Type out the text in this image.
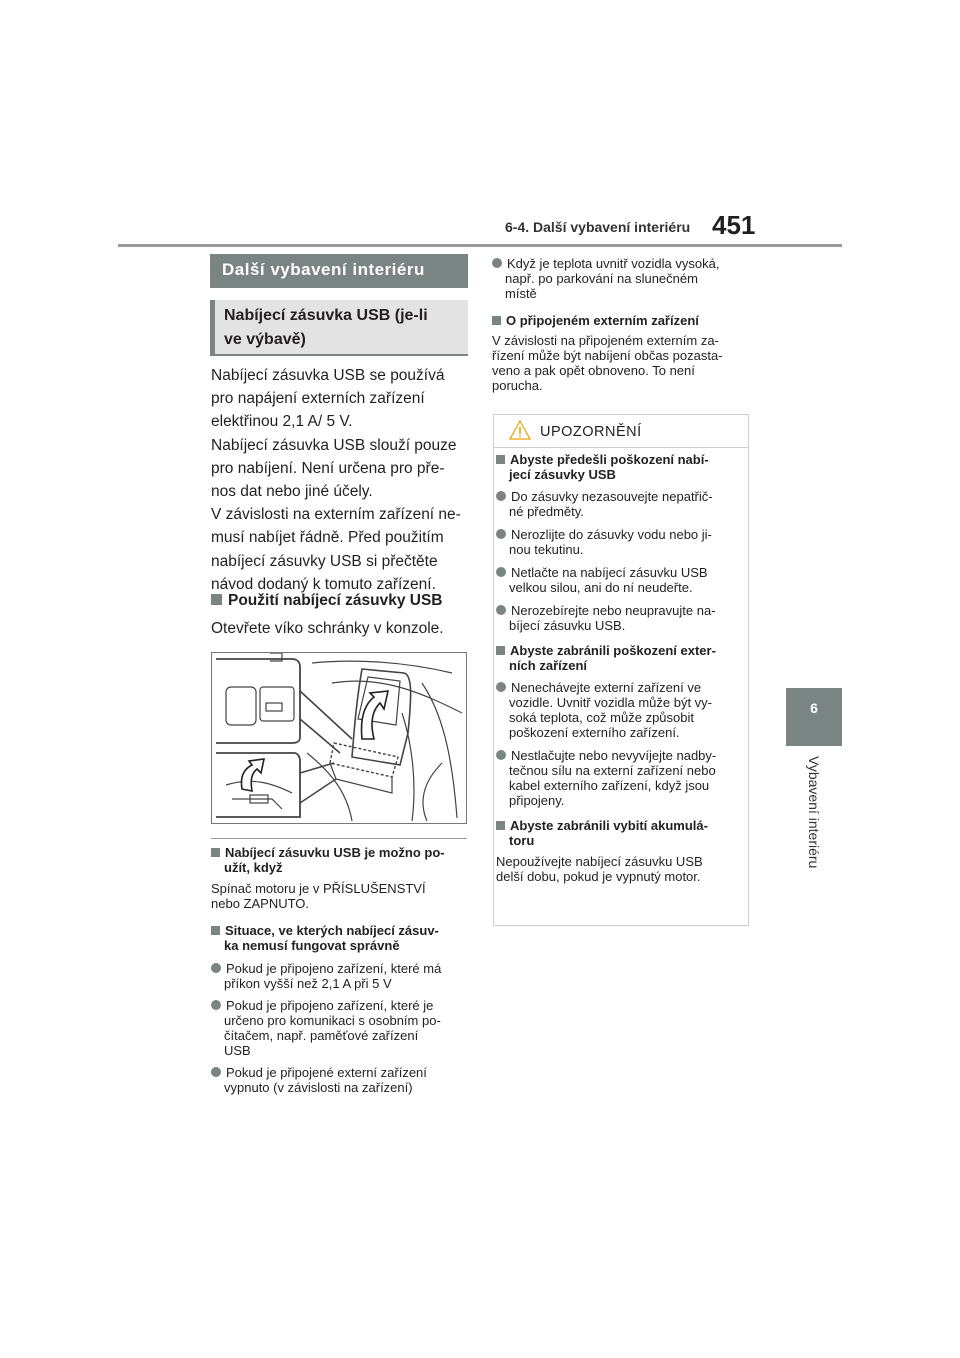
6-4. Další vybavení interiéru 451
6
Vybavení interiéru
Další vybavení interiéru
Nabíjecí zásuvka USB (je-li
ve výbavě)
Nabíjecí zásuvka USB se používá
pro napájení externích zařízení
elektřinou 2,1 A/ 5 V.
Nabíjecí zásuvka USB slouží pouze
pro nabíjení. Není určena pro pře-
nos dat nebo jiné účely.
V závislosti na externím zařízení ne-
musí nabíjet řádně. Před použitím
nabíjecí zásuvky USB si přečtěte
návod dodaný k tomuto zařízení.
Použití nabíjecí zásuvky USB
Otevřete víko schránky v konzole.
Nabíjecí zásuvku USB je možno po-
užít, když
Spínač motoru je v PŘÍSLUŠENSTVÍ
nebo ZAPNUTO.
Situace, ve kterých nabíjecí zásuv-
ka nemusí fungovat správně
Pokud je připojeno zařízení, které má
příkon vyšší než 2,1 A při 5 V
Pokud je připojeno zařízení, které je
určeno pro komunikaci s osobním po-
čítačem, např. paměťové zařízení
USB
Pokud je připojené externí zařízení
vypnuto (v závislosti na zařízení)
Když je teplota uvnitř vozidla vysoká,
např. po parkování na slunečném
místě
O připojeném externím zařízení
V závislosti na připojeném externím za-
řízení může být nabíjení občas pozasta-
veno a pak opět obnoveno. To není
porucha.
UPOZORNĚNÍ
Abyste předešli poškození nabí-
jecí zásuvky USB
Do zásuvky nezasouvejte nepatřič-
né předměty.
Nerozlijte do zásuvky vodu nebo ji-
nou tekutinu.
Netlačte na nabíjecí zásuvku USB
velkou silou, ani do ní neudeřte.
Nerozebírejte nebo neupravujte na-
bíjecí zásuvku USB.
Abyste zabránili poškození exter-
ních zařízení
Nenechávejte externí zařízení ve
vozidle. Uvnitř vozidla může být vy-
soká teplota, což může způsobit
poškození externího zařízení.
Nestlačujte nebo nevyvíjejte nadby-
tečnou sílu na externí zařízení nebo
kabel externího zařízení, když jsou
připojeny.
Abyste zabránili vybití akumulá-
toru
Nepoužívejte nabíjecí zásuvku USB
delší dobu, pokud je vypnutý motor.
